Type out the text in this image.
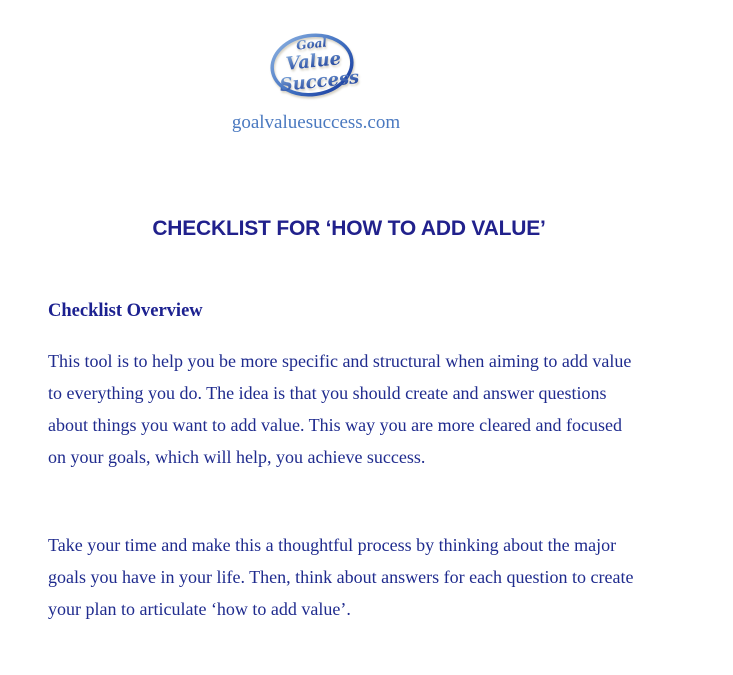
Goal
Value
Success
goalvaluesuccess.com
CHECKLIST FOR ‘HOW TO ADD VALUE’
Checklist Overview
This tool is to help you be more specific and structural when aiming to add value
to everything you do. The idea is that you should create and answer questions
about things you want to add value. This way you are more cleared and focused
on your goals, which will help, you achieve success.
Take your time and make this a thoughtful process by thinking about the major
goals you have in your life. Then, think about answers for each question to create
your plan to articulate ‘how to add value’.
